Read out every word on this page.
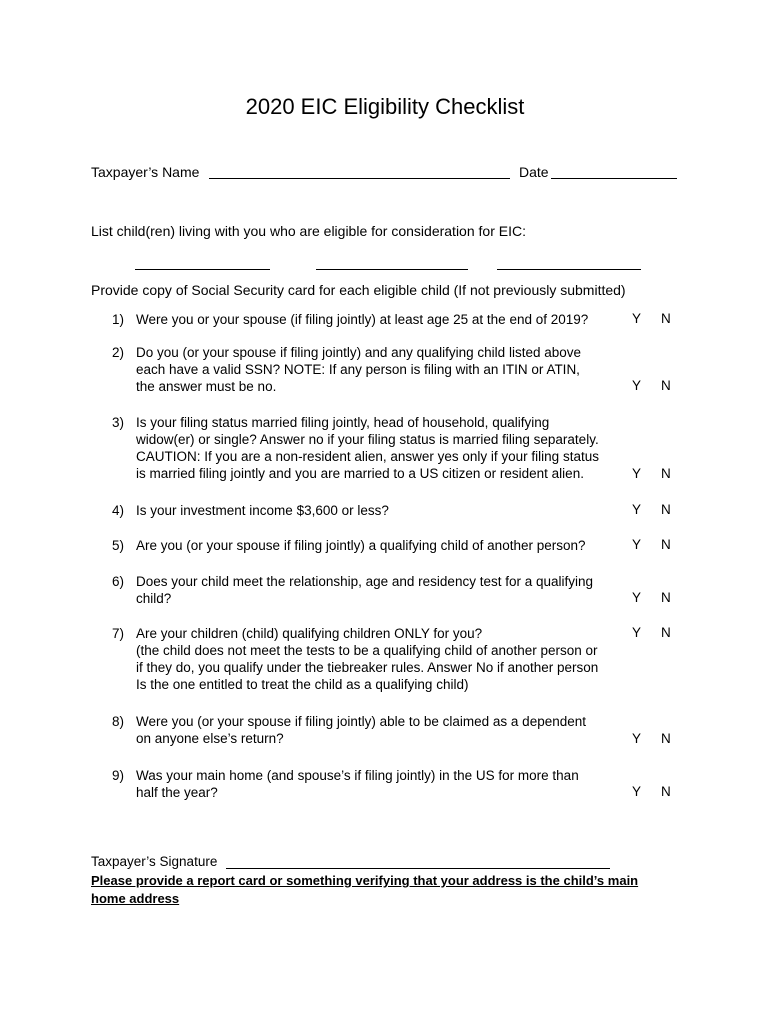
2020 EIC Eligibility Checklist
Taxpayer’s Name	Date
List child(ren) living with you who are eligible for consideration for EIC:
Provide copy of Social Security card for each eligible child (If not previously submitted)
1) Were you or your spouse (if filing jointly) at least age 25 at the end of 2019?	Y N
2) Do you (or your spouse if filing jointly) and any qualifying child listed above
each have a valid SSN? NOTE: If any person is filing with an ITIN or ATIN,
the answer must be no.	Y N
3) Is your filing status married filing jointly, head of household, qualifying
widow(er) or single? Answer no if your filing status is married filing separately.
CAUTION: If you are a non-resident alien, answer yes only if your filing status
is married filing jointly and you are married to a US citizen or resident alien.	Y N
4) Is your investment income $3,600 or less?	Y N
5) Are you (or your spouse if filing jointly) a qualifying child of another person?	Y N
6) Does your child meet the relationship, age and residency test for a qualifying
child?	Y N
7) Are your children (child) qualifying children ONLY for you?
(the child does not meet the tests to be a qualifying child of another person or
if they do, you qualify under the tiebreaker rules. Answer No if another person
Is the one entitled to treat the child as a qualifying child)
Y N
8) Were you (or your spouse if filing jointly) able to be claimed as a dependent
on anyone else’s return?	Y N
9) Was your main home (and spouse’s if filing jointly) in the US for more than
half the year?	Y N
Taxpayer’s Signature
Please provide a report card or something verifying that your address is the child’s main
home address
